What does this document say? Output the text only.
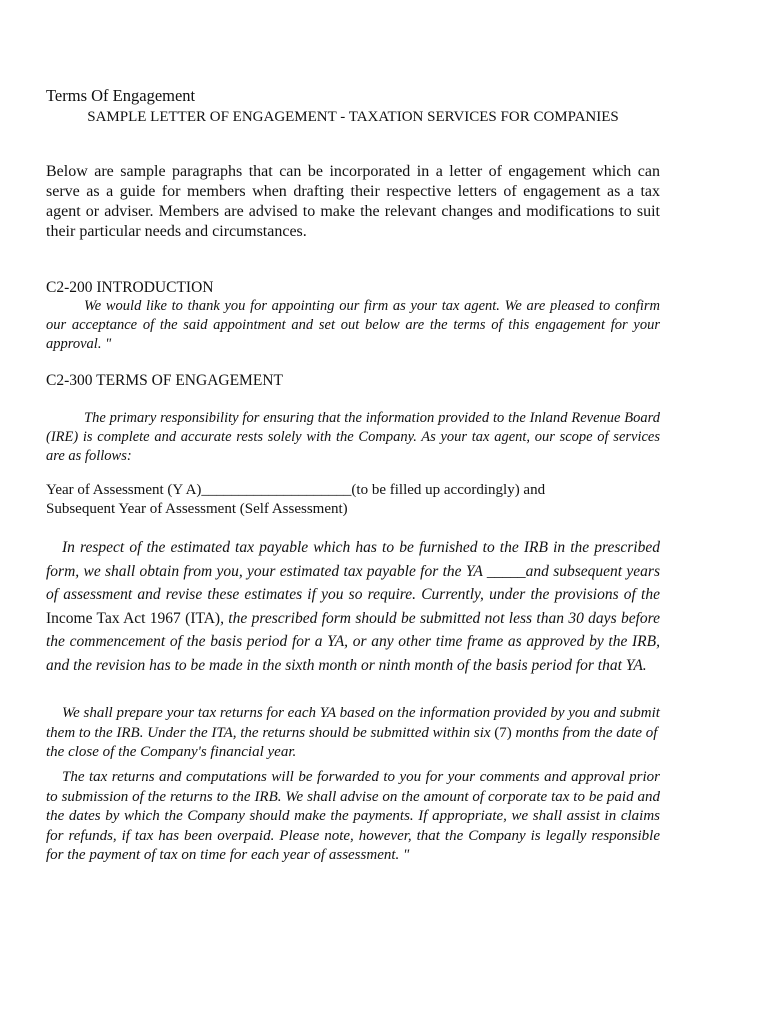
Terms Of Engagement
SAMPLE LETTER OF ENGAGEMENT - TAXATION SERVICES FOR COMPANIES
Below are sample paragraphs that can be incorporated in a letter of engagement which can serve as a guide for members when drafting their respective letters of engagement as a tax agent or adviser. Members are advised to make the relevant changes and modifications to suit their particular needs and circumstances.
C2-200 INTRODUCTION
We would like to thank you for appointing our firm as your tax agent. We are pleased to confirm our acceptance of the said appointment and set out below are the terms of this engagement for your approval. "
C2-300 TERMS OF ENGAGEMENT
The primary responsibility for ensuring that the information provided to the Inland Revenue Board (IRE) is complete and accurate rests solely with the Company. As your tax agent, our scope of services are as follows:
Year of Assessment (Y A)____________________(to be filled up accordingly) and
Subsequent Year of Assessment (Self Assessment)
In respect of the estimated tax payable which has to be furnished to the IRB in the prescribed form, we shall obtain from you, your estimated tax payable for the YA _____and subsequent years of assessment and revise these estimates if you so require. Currently, under the provisions of the Income Tax Act 1967 (ITA), the prescribed form should be submitted not less than 30 days before the commencement of the basis period for a YA, or any other time frame as approved by the IRB, and the revision has to be made in the sixth month or ninth month of the basis period for that YA.
We shall prepare your tax returns for each YA based on the information provided by you and submit them to the IRB. Under the ITA, the returns should be submitted within six (7) months from the date of the close of the Company's financial year.
The tax returns and computations will be forwarded to you for your comments and approval prior to submission of the returns to the IRB. We shall advise on the amount of corporate tax to be paid and the dates by which the Company should make the payments. If appropriate, we shall assist in claims for refunds, if tax has been overpaid. Please note, however, that the Company is legally responsible for the payment of tax on time for each year of assessment. "
